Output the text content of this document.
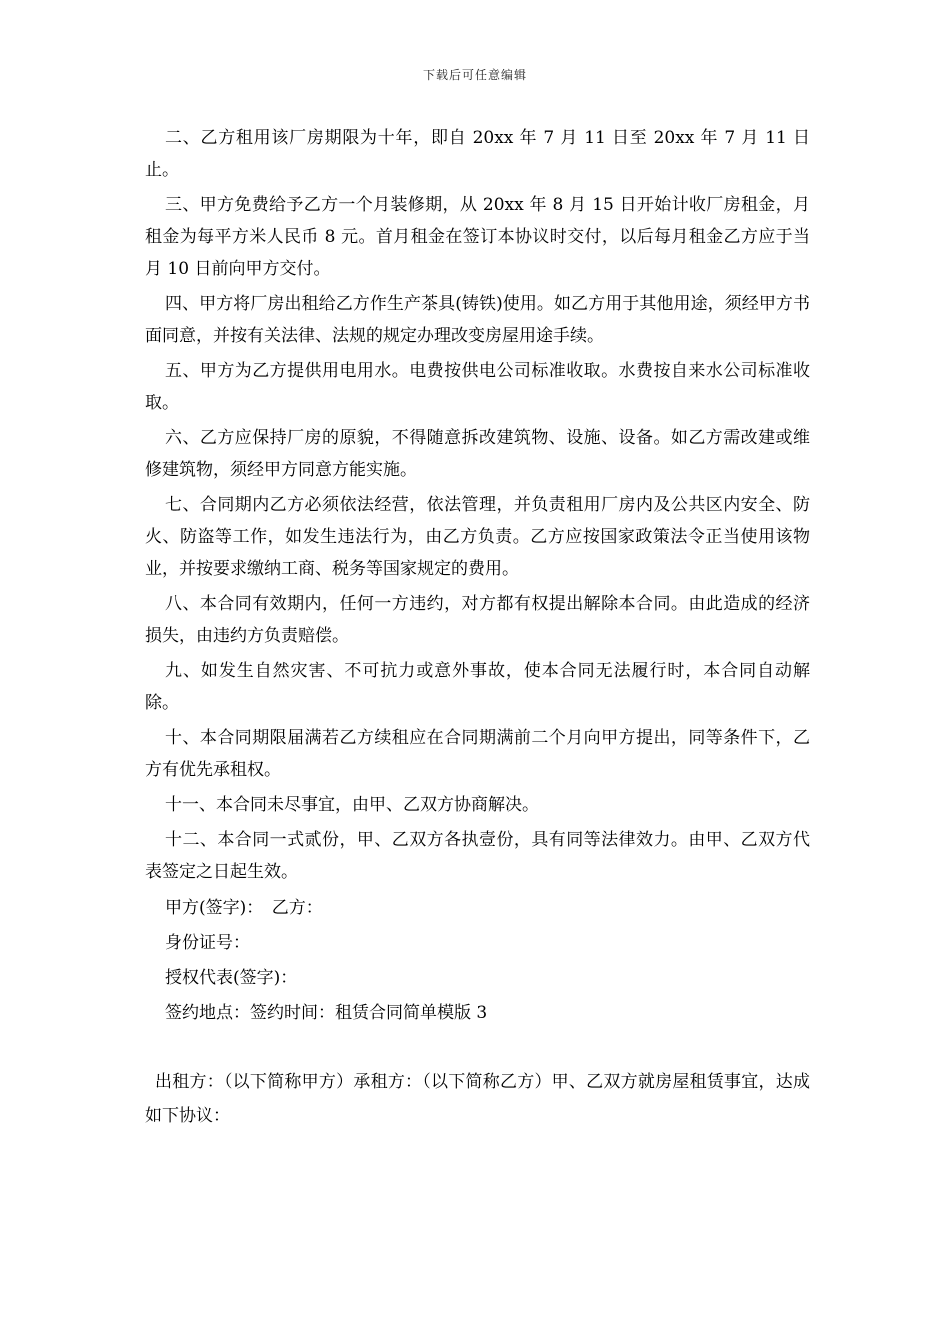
下载后可任意编辑

二、乙方租用该厂房期限为十年，即自 20xx 年 7 月 11 日至 20xx 年 7 月 11 日止。

三、甲方免费给予乙方一个月装修期，从 20xx 年 8 月 15 日开始计收厂房租金，月租金为每平方米人民币 8 元。首月租金在签订本协议时交付，以后每月租金乙方应于当月 10 日前向甲方交付。

四、甲方将厂房出租给乙方作生产茶具(铸铁)使用。如乙方用于其他用途，须经甲方书面同意，并按有关法律、法规的规定办理改变房屋用途手续。

五、甲方为乙方提供用电用水。电费按供电公司标准收取。水费按自来水公司标准收取。

六、乙方应保持厂房的原貌，不得随意拆改建筑物、设施、设备。如乙方需改建或维修建筑物，须经甲方同意方能实施。

七、合同期内乙方必须依法经营，依法管理，并负责租用厂房内及公共区内安全、防火、防盗等工作，如发生违法行为，由乙方负责。乙方应按国家政策法令正当使用该物业，并按要求缴纳工商、税务等国家规定的费用。

八、本合同有效期内，任何一方违约，对方都有权提出解除本合同。由此造成的经济损失，由违约方负责赔偿。

九、如发生自然灾害、不可抗力或意外事故，使本合同无法履行时，本合同自动解除。

十、本合同期限届满若乙方续租应在合同期满前二个月向甲方提出，同等条件下，乙方有优先承租权。

十一、本合同未尽事宜，由甲、乙双方协商解决。

十二、本合同一式贰份，甲、乙双方各执壹份，具有同等法律效力。由甲、乙双方代表签定之日起生效。

甲方(签字)：　乙方：

身份证号：

授权代表(签字)：

签约地点：签约时间：租赁合同简单模版 3

出租方：（以下简称甲方）承租方：（以下简称乙方）甲、乙双方就房屋租赁事宜，达成如下协议：
